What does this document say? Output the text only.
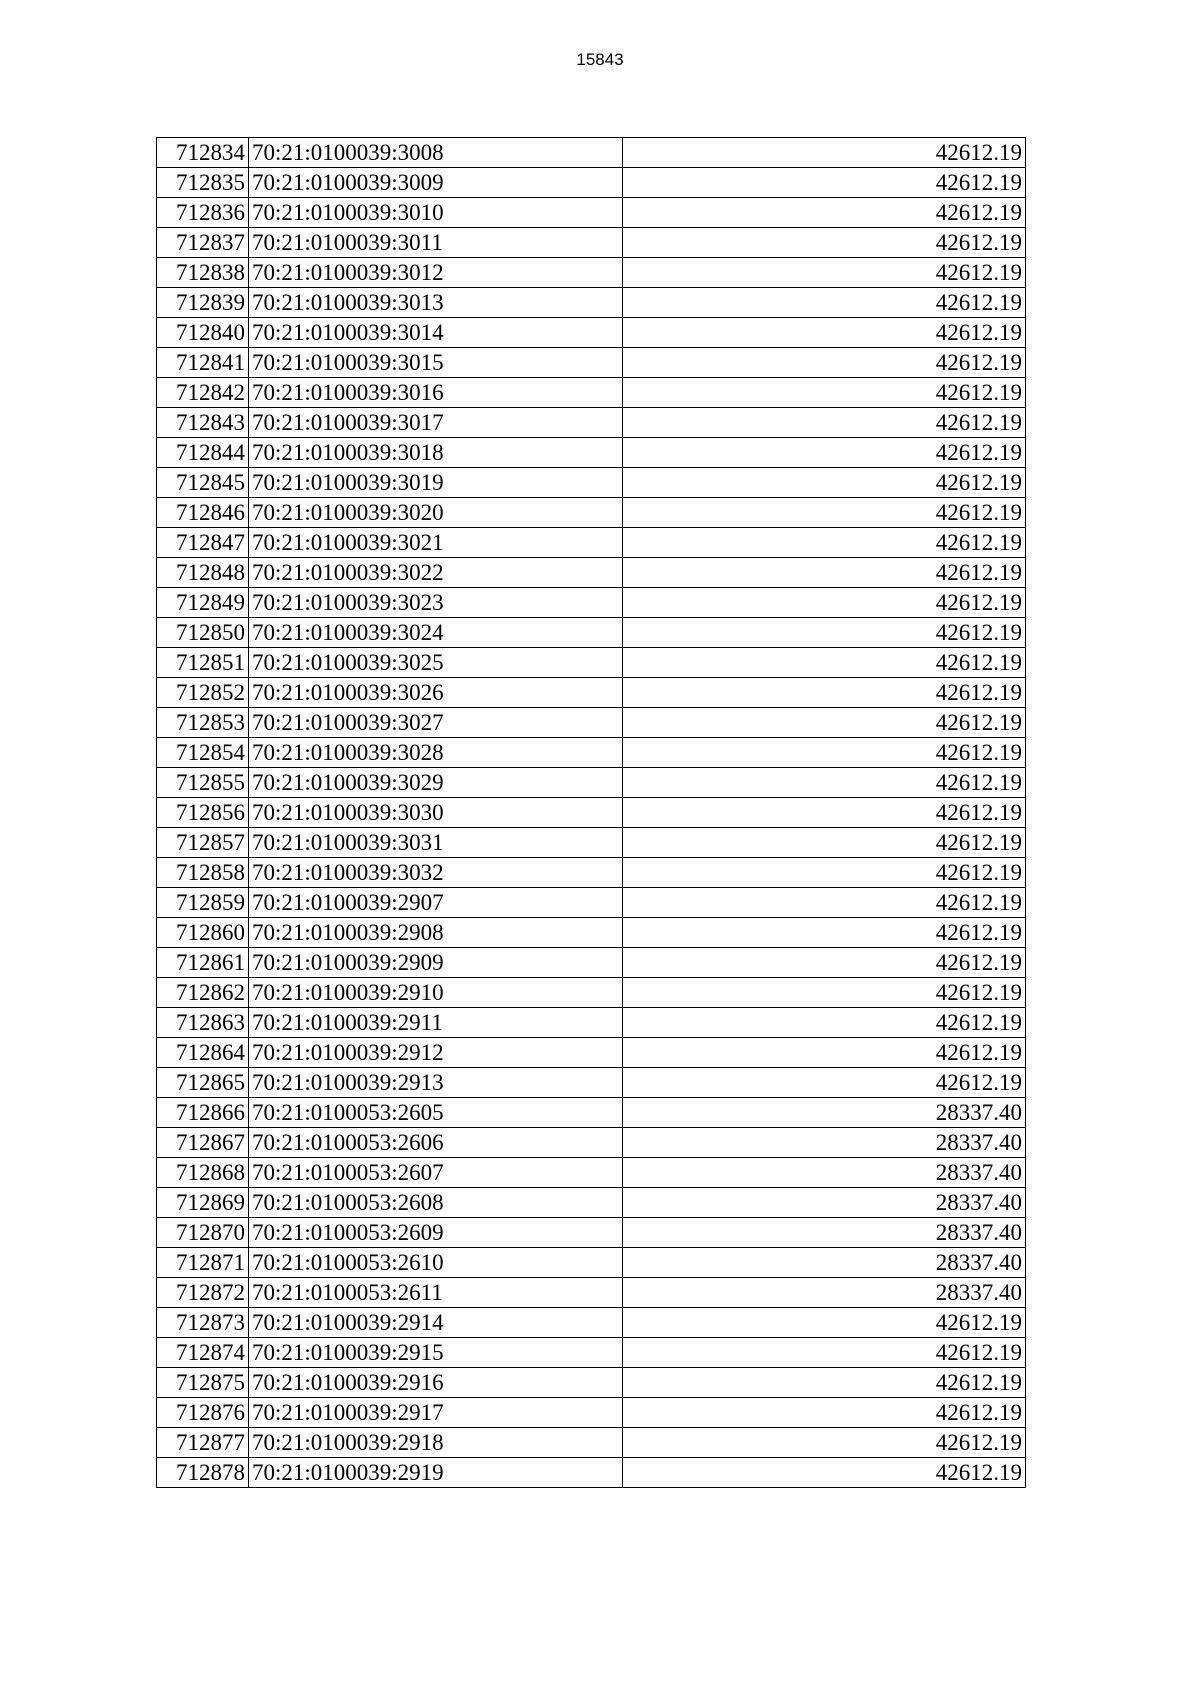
15843
712834	70:21:0100039:3008	42612.19
712835	70:21:0100039:3009	42612.19
712836	70:21:0100039:3010	42612.19
712837	70:21:0100039:3011	42612.19
712838	70:21:0100039:3012	42612.19
712839	70:21:0100039:3013	42612.19
712840	70:21:0100039:3014	42612.19
712841	70:21:0100039:3015	42612.19
712842	70:21:0100039:3016	42612.19
712843	70:21:0100039:3017	42612.19
712844	70:21:0100039:3018	42612.19
712845	70:21:0100039:3019	42612.19
712846	70:21:0100039:3020	42612.19
712847	70:21:0100039:3021	42612.19
712848	70:21:0100039:3022	42612.19
712849	70:21:0100039:3023	42612.19
712850	70:21:0100039:3024	42612.19
712851	70:21:0100039:3025	42612.19
712852	70:21:0100039:3026	42612.19
712853	70:21:0100039:3027	42612.19
712854	70:21:0100039:3028	42612.19
712855	70:21:0100039:3029	42612.19
712856	70:21:0100039:3030	42612.19
712857	70:21:0100039:3031	42612.19
712858	70:21:0100039:3032	42612.19
712859	70:21:0100039:2907	42612.19
712860	70:21:0100039:2908	42612.19
712861	70:21:0100039:2909	42612.19
712862	70:21:0100039:2910	42612.19
712863	70:21:0100039:2911	42612.19
712864	70:21:0100039:2912	42612.19
712865	70:21:0100039:2913	42612.19
712866	70:21:0100053:2605	28337.40
712867	70:21:0100053:2606	28337.40
712868	70:21:0100053:2607	28337.40
712869	70:21:0100053:2608	28337.40
712870	70:21:0100053:2609	28337.40
712871	70:21:0100053:2610	28337.40
712872	70:21:0100053:2611	28337.40
712873	70:21:0100039:2914	42612.19
712874	70:21:0100039:2915	42612.19
712875	70:21:0100039:2916	42612.19
712876	70:21:0100039:2917	42612.19
712877	70:21:0100039:2918	42612.19
712878	70:21:0100039:2919	42612.19
